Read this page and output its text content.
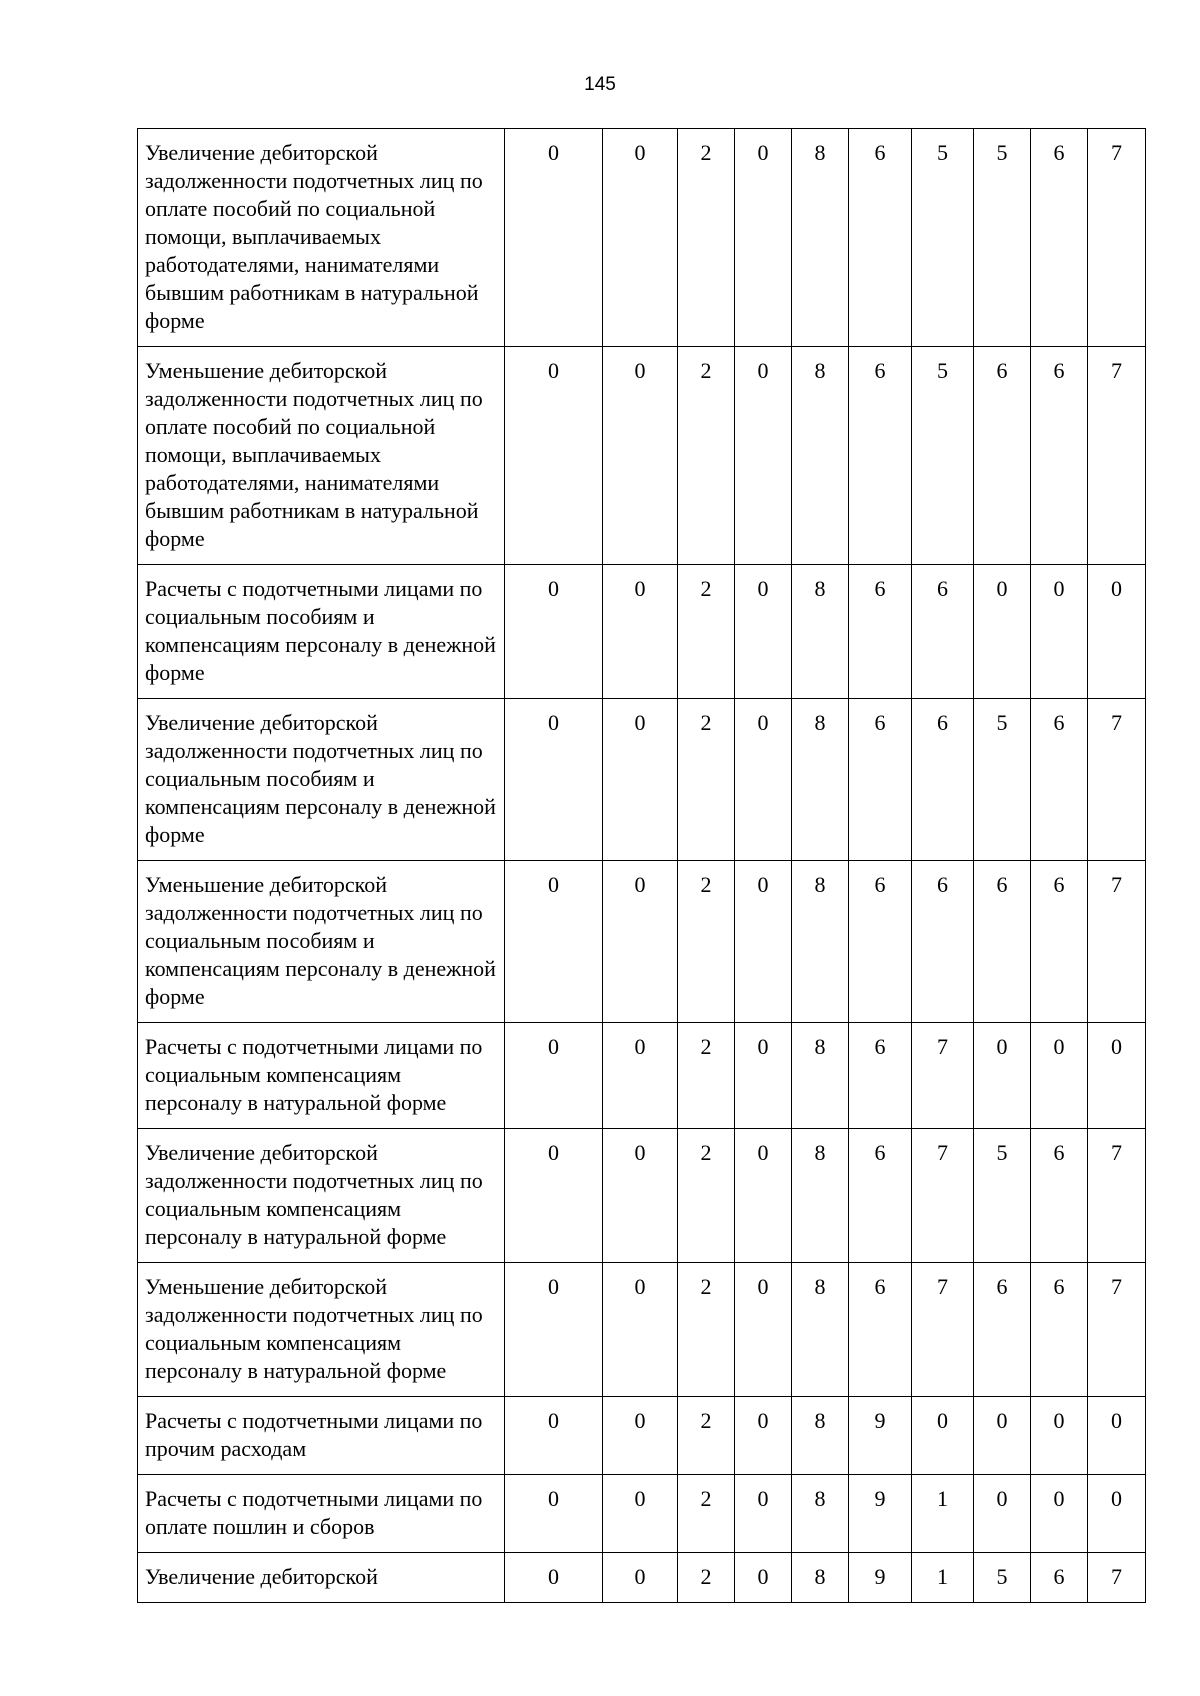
145
Увеличение дебиторской задолженности подотчетных лиц по оплате пособий по социальной помощи, выплачиваемых работодателями, нанимателями бывшим работникам в натуральной форме	0	0	2	0	8	6	5	5	6	7
Уменьшение дебиторской задолженности подотчетных лиц по оплате пособий по социальной помощи, выплачиваемых работодателями, нанимателями бывшим работникам в натуральной форме	0	0	2	0	8	6	5	6	6	7
Расчеты с подотчетными лицами по социальным пособиям и компенсациям персоналу в денежной форме	0	0	2	0	8	6	6	0	0	0
Увеличение дебиторской задолженности подотчетных лиц по социальным пособиям и компенсациям персоналу в денежной форме	0	0	2	0	8	6	6	5	6	7
Уменьшение дебиторской задолженности подотчетных лиц по социальным пособиям и компенсациям персоналу в денежной форме	0	0	2	0	8	6	6	6	6	7
Расчеты с подотчетными лицами по социальным компенсациям персоналу в натуральной форме	0	0	2	0	8	6	7	0	0	0
Увеличение дебиторской задолженности подотчетных лиц по социальным компенсациям персоналу в натуральной форме	0	0	2	0	8	6	7	5	6	7
Уменьшение дебиторской задолженности подотчетных лиц по социальным компенсациям персоналу в натуральной форме	0	0	2	0	8	6	7	6	6	7
Расчеты с подотчетными лицами по прочим расходам	0	0	2	0	8	9	0	0	0	0
Расчеты с подотчетными лицами по оплате пошлин и сборов	0	0	2	0	8	9	1	0	0	0
Увеличение дебиторской	0	0	2	0	8	9	1	5	6	7
